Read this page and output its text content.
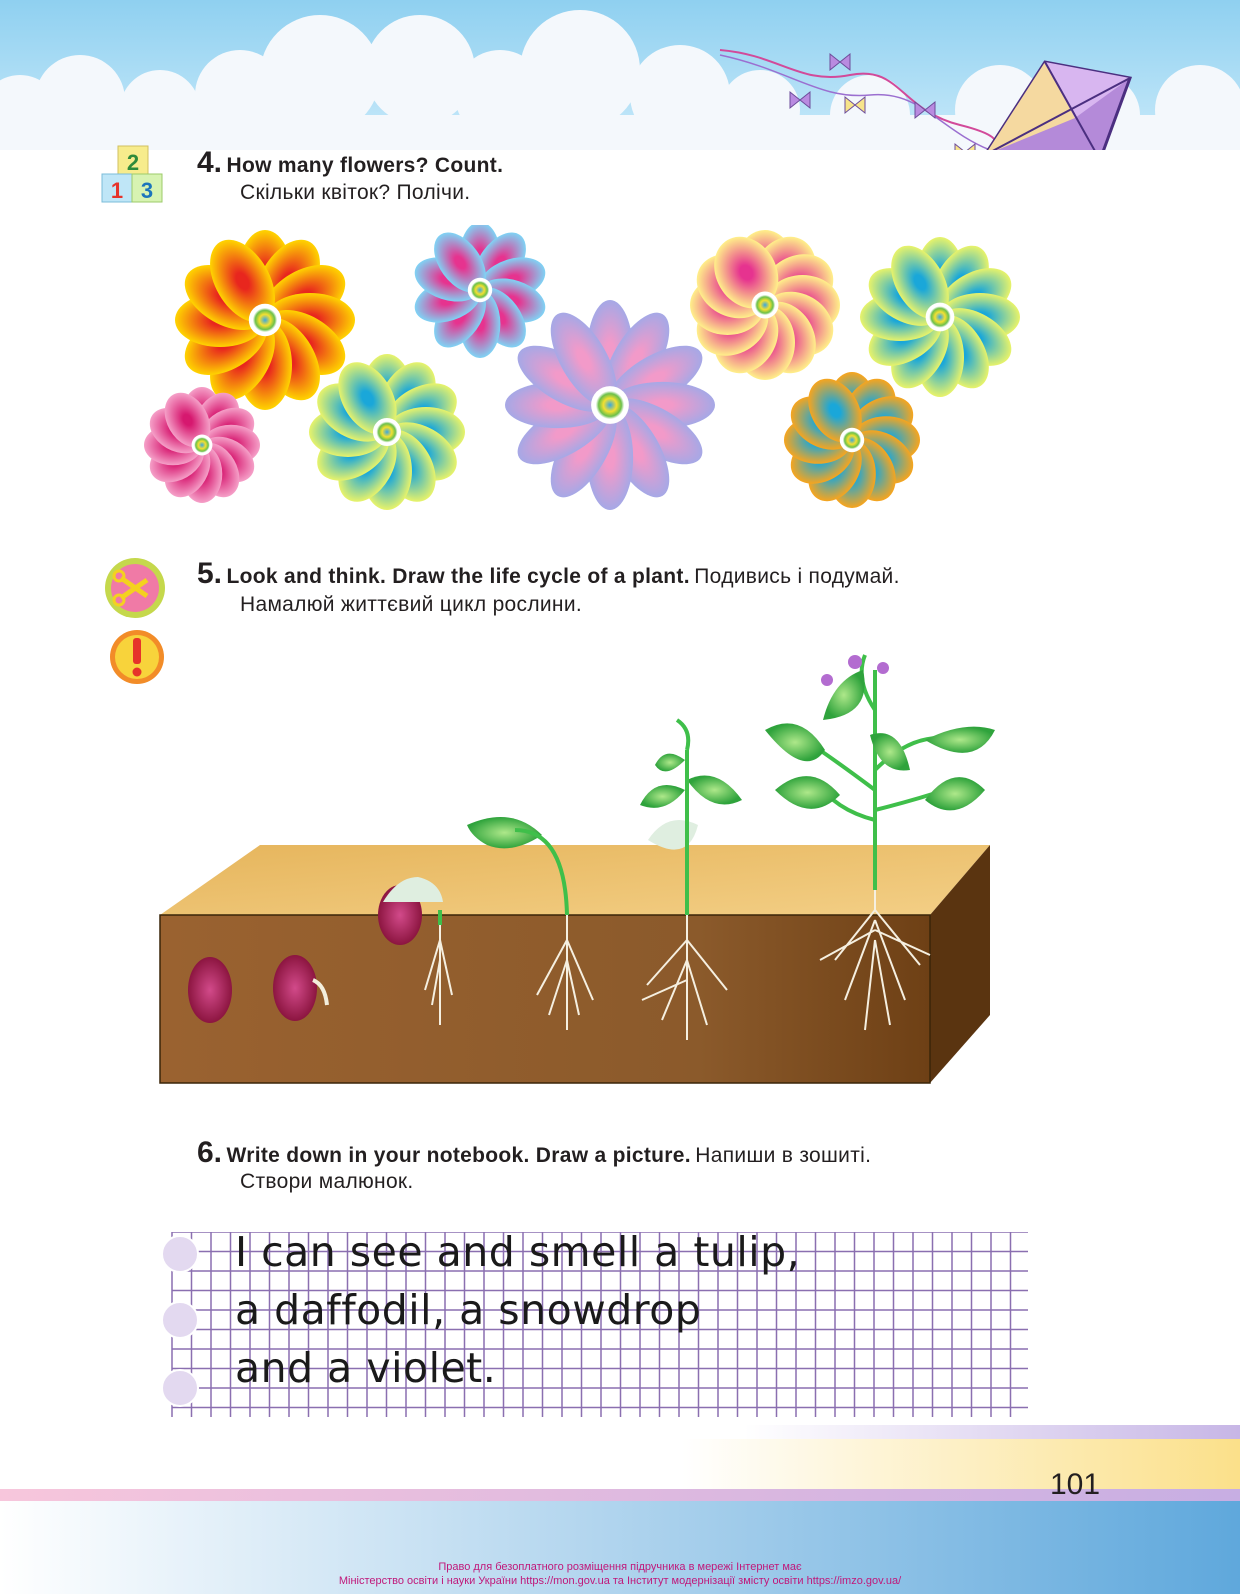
2
1 3
4. How many flowers? Count.
Скільки квіток? Полічи.
5. Look and think. Draw the life cycle of a plant. Подивись і подумай.
Намалюй життєвий цикл рослини.
6. Write down in your notebook. Draw a picture. Напиши в зошиті.
Створи малюнок.
I can see and smell a tulip,
a daffodil, a snowdrop
and a violet.
101
Право для безоплатного розміщення підручника в мережі Інтернет має
Міністерство освіти і науки України https://mon.gov.ua та Інститут модернізації змісту освіти https://imzo.gov.ua/
